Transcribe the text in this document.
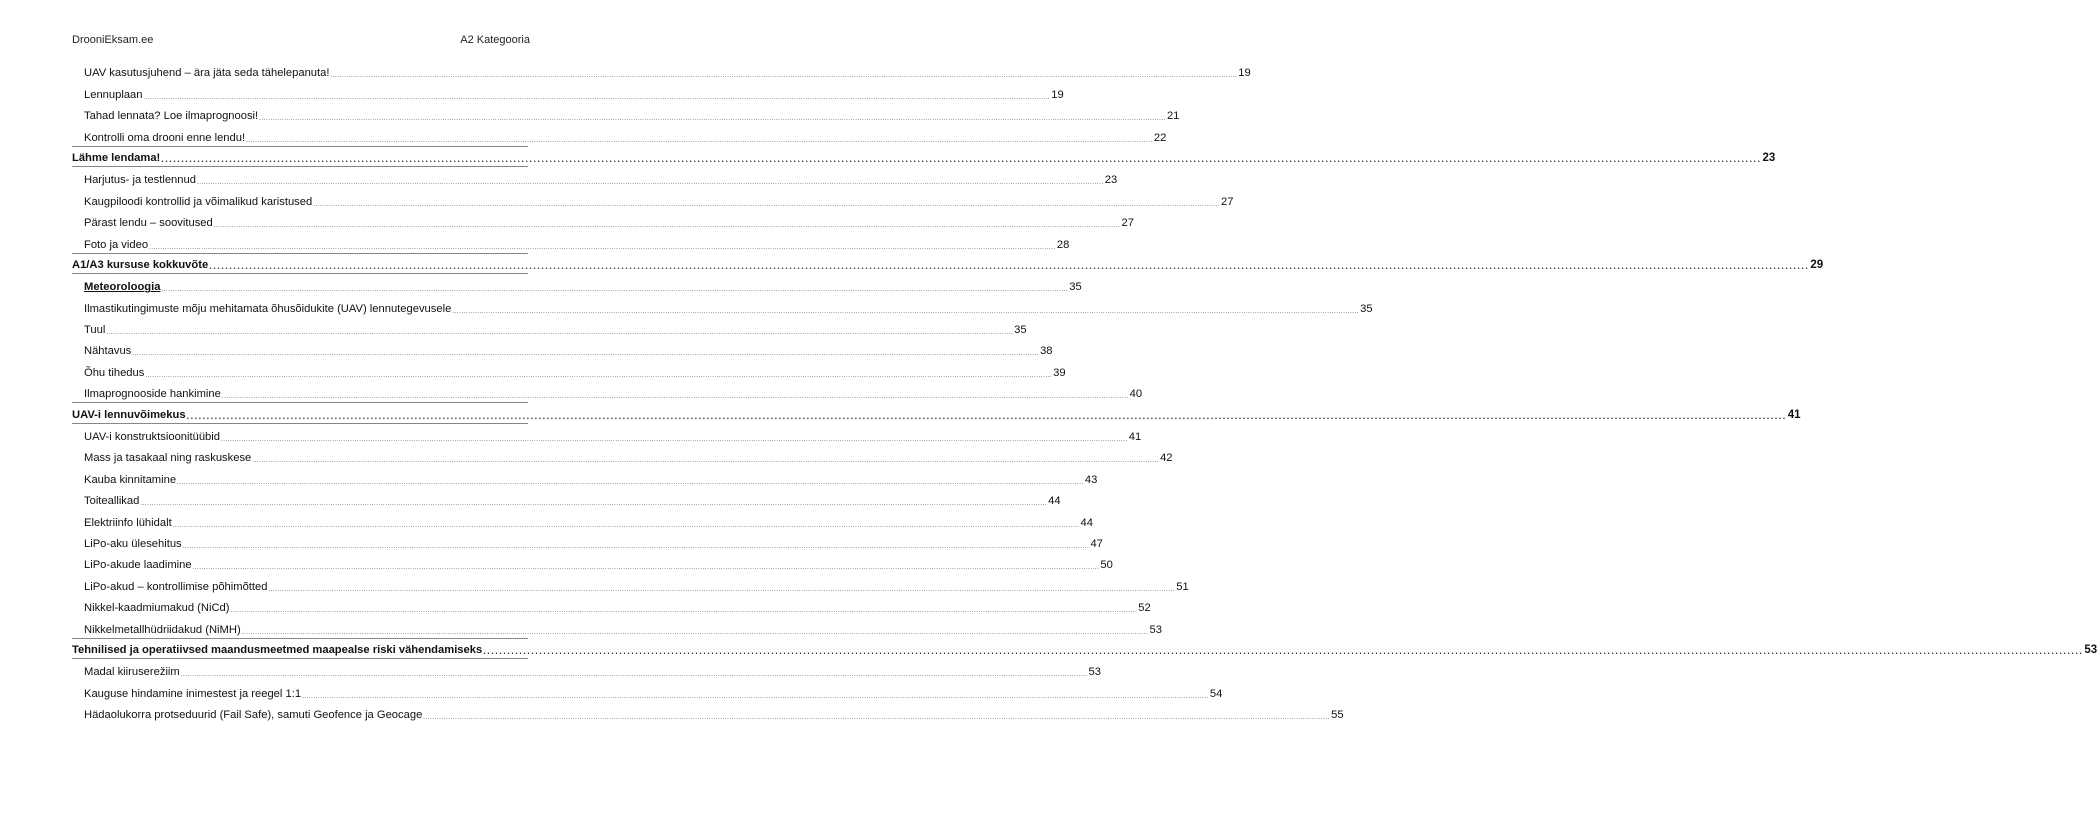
DrooniEksam.ee	A2 Kategooria
UAV kasutusjuhend – ära jäta seda tähelepanuta! ................................................................................................................................................................................................................................................................................................................................................................................................................ 19
Lennuplaan ................................................................................................................................................................................................................................................................................................................................................................................................................ 19
Tahad lennata? Loe ilmaprognoosi! ................................................................................................................................................................................................................................................................................................................................................................................................................ 21
Kontrolli oma drooni enne lendu! ................................................................................................................................................................................................................................................................................................................................................................................................................ 22
Lähme lendama! ................................................................................................................................................................................................................................................................................................................................................................................................................ 23
Harjutus- ja testlennud ................................................................................................................................................................................................................................................................................................................................................................................................................ 23
Kaugpiloodi kontrollid ja võimalikud karistused ................................................................................................................................................................................................................................................................................................................................................................................................................ 27
Pärast lendu – soovitused ................................................................................................................................................................................................................................................................................................................................................................................................................ 27
Foto ja video ................................................................................................................................................................................................................................................................................................................................................................................................................ 28
A1/A3 kursuse kokkuvõte ................................................................................................................................................................................................................................................................................................................................................................................................................ 29
Meteoroloogia ................................................................................................................................................................................................................................................................................................................................................................................................................ 35
Ilmastikutingimuste mõju mehitamata õhusõidukite (UAV) lennutegevusele ................................................................................................................................................................................................................................................................................................................................................................................................................ 35
Tuul ................................................................................................................................................................................................................................................................................................................................................................................................................ 35
Nähtavus ................................................................................................................................................................................................................................................................................................................................................................................................................ 38
Õhu tihedus ................................................................................................................................................................................................................................................................................................................................................................................................................ 39
Ilmaprognooside hankimine ................................................................................................................................................................................................................................................................................................................................................................................................................ 40
UAV-i lennuvõimekus ................................................................................................................................................................................................................................................................................................................................................................................................................ 41
UAV-i konstruktsioonitüübid ................................................................................................................................................................................................................................................................................................................................................................................................................ 41
Mass ja tasakaal ning raskuskese ................................................................................................................................................................................................................................................................................................................................................................................................................ 42
Kauba kinnitamine ................................................................................................................................................................................................................................................................................................................................................................................................................ 43
Toiteallikad ................................................................................................................................................................................................................................................................................................................................................................................................................ 44
Elektriinfo lühidalt ................................................................................................................................................................................................................................................................................................................................................................................................................ 44
LiPo-aku ülesehitus ................................................................................................................................................................................................................................................................................................................................................................................................................ 47
LiPo-akude laadimine ................................................................................................................................................................................................................................................................................................................................................................................................................ 50
LiPo-akud – kontrollimise põhimõtted ................................................................................................................................................................................................................................................................................................................................................................................................................ 51
Nikkel-kaadmiumakud (NiCd) ................................................................................................................................................................................................................................................................................................................................................................................................................ 52
Nikkelmetallhüdriidakud (NiMH) ................................................................................................................................................................................................................................................................................................................................................................................................................ 53
Tehnilised ja operatiivsed maandusmeetmed maapealse riski vähendamiseks ................................................................................................................................................................................................................................................................................................................................................................................................................ 53
Madal kiiruserežiim ................................................................................................................................................................................................................................................................................................................................................................................................................ 53
Kauguse hindamine inimestest ja reegel 1:1 ................................................................................................................................................................................................................................................................................................................................................................................................................ 54
Hädaolukorra protseduurid (Fail Safe), samuti Geofence ja Geocage ................................................................................................................................................................................................................................................................................................................................................................................................................ 55
